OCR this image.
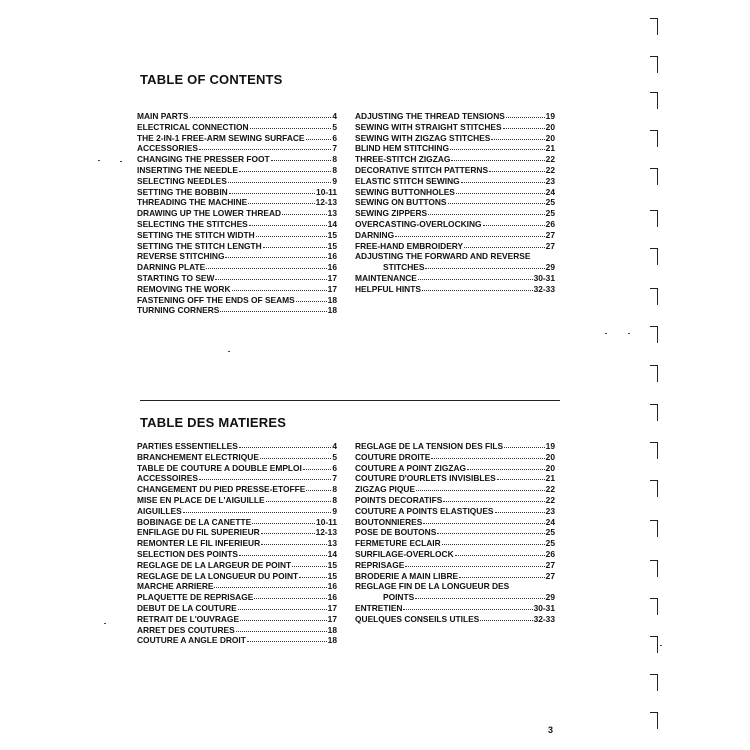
TABLE OF CONTENTS
MAIN PARTS	4
ELECTRICAL CONNECTION	5
THE 2-IN-1 FREE-ARM SEWING SURFACE	6
ACCESSORIES	7
CHANGING THE PRESSER FOOT	8
INSERTING THE NEEDLE	8
SELECTING NEEDLES	9
SETTING THE BOBBIN	10-11
THREADING THE MACHINE	12-13
DRAWING UP THE LOWER THREAD	13
SELECTING THE STITCHES	14
SETTING THE STITCH WIDTH	15
SETTING THE STITCH LENGTH	15
REVERSE STITCHING	16
DARNING PLATE	16
STARTING TO SEW	17
REMOVING THE WORK	17
FASTENING OFF THE ENDS OF SEAMS	18
TURNING CORNERS	18
ADJUSTING THE THREAD TENSIONS	19
SEWING WITH STRAIGHT STITCHES	20
SEWING WITH ZIGZAG STITCHES	20
BLIND HEM STITCHING	21
THREE-STITCH ZIGZAG	22
DECORATIVE STITCH PATTERNS	22
ELASTIC STITCH SEWING	23
SEWING BUTTONHOLES	24
SEWING ON BUTTONS	25
SEWING ZIPPERS	25
OVERCASTING-OVERLOCKING	26
DARNING	27
FREE-HAND EMBROIDERY	27
ADJUSTING THE FORWARD AND REVERSE
STITCHES	29
MAINTENANCE	30-31
HELPFUL HINTS	32-33
TABLE DES MATIERES
PARTIES ESSENTIELLES	4
BRANCHEMENT ELECTRIQUE	5
TABLE DE COUTURE A DOUBLE EMPLOI	6
ACCESSOIRES	7
CHANGEMENT DU PIED PRESSE-ETOFFE	8
MISE EN PLACE DE L'AIGUILLE	8
AIGUILLES	9
BOBINAGE DE LA CANETTE	10-11
ENFILAGE DU FIL SUPERIEUR	12-13
REMONTER LE FIL INFERIEUR	13
SELECTION DES POINTS	14
REGLAGE DE LA LARGEUR DE POINT	15
REGLAGE DE LA LONGUEUR DU POINT	15
MARCHE ARRIERE	16
PLAQUETTE DE REPRISAGE	16
DEBUT DE LA COUTURE	17
RETRAIT DE L'OUVRAGE	17
ARRET DES COUTURES	18
COUTURE A ANGLE DROIT	18
REGLAGE DE LA TENSION DES FILS	19
COUTURE DROITE	20
COUTURE A POINT ZIGZAG	20
COUTURE D'OURLETS INVISIBLES	21
ZIGZAG PIQUE	22
POINTS DECORATIFS	22
COUTURE A POINTS ELASTIQUES	23
BOUTONNIERES	24
POSE DE BOUTONS	25
FERMETURE ECLAIR	25
SURFILAGE-OVERLOCK	26
REPRISAGE	27
BRODERIE A MAIN LIBRE	27
REGLAGE FIN DE LA LONGUEUR DES
POINTS	29
ENTRETIEN	30-31
QUELQUES CONSEILS UTILES	32-33
3
